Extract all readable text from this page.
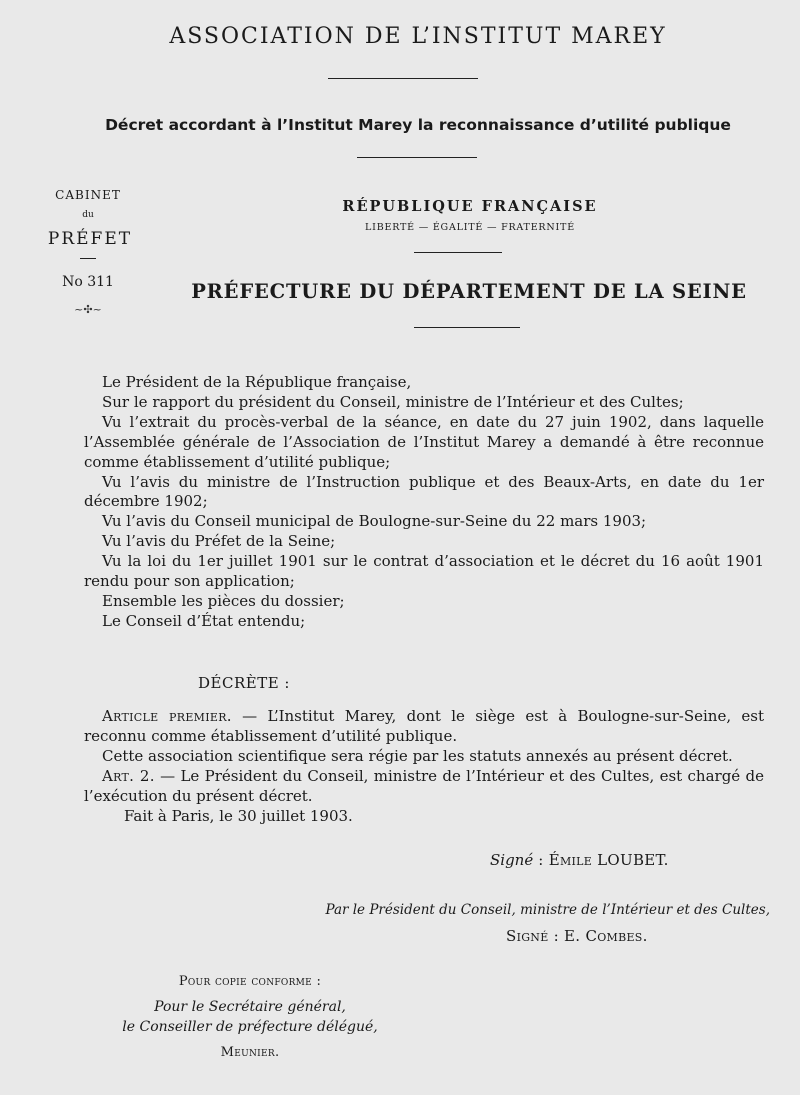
ASSOCIATION DE L’INSTITUT MAREY
Décret accordant à l’Institut Marey la reconnaissance d’utilité publique
CABINET
du
PRÉFET
No 311
~✣~
RÉPUBLIQUE FRANÇAISE
LIBERTÉ — ÉGALITÉ — FRATERNITÉ
PRÉFECTURE DU DÉPARTEMENT DE LA SEINE

Le Président de la République française,

Sur le rapport du président du Conseil, ministre de l’Intérieur et des Cultes;

Vu l’extrait du procès-verbal de la séance, en date du 27 juin 1902, dans laquelle l’Assemblée générale de l’Association de l’Institut Marey a demandé à être reconnue comme établissement d’utilité publique;

Vu l’avis du ministre de l’Instruction publique et des Beaux-Arts, en date du 1er décembre 1902;

Vu l’avis du Conseil municipal de Boulogne-sur-Seine du 22 mars 1903;

Vu l’avis du Préfet de la Seine;

Vu la loi du 1er juillet 1901 sur le contrat d’association et le décret du 16 août 1901 rendu pour son application;

Ensemble les pièces du dossier;

Le Conseil d’État entendu;

DÉCRÈTE :

Article premier. — L’Institut Marey, dont le siège est à Boulogne-sur-Seine, est reconnu comme établissement d’utilité publique.

Cette association scientifique sera régie par les statuts annexés au présent décret.

Art. 2. — Le Président du Conseil, ministre de l’Intérieur et des Cultes, est chargé de l’exécution du présent décret.

Fait à Paris, le 30 juillet 1903.

Signé : Émile LOUBET.
Par le Président du Conseil, ministre de l’Intérieur et des Cultes,
Signé : E. Combes.
Pour copie conforme :
Pour le Secrétaire général,
le Conseiller de préfecture délégué,
Meunier.
